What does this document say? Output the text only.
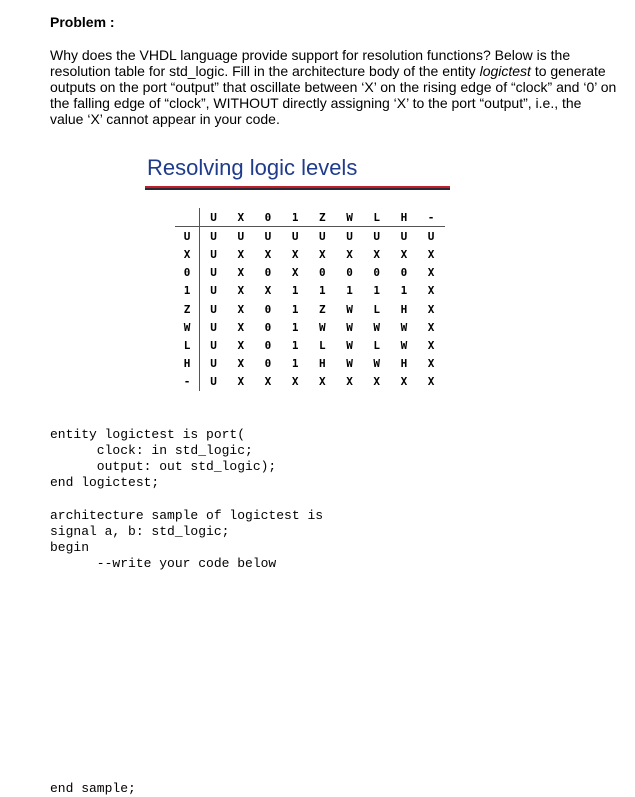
Problem :
Why does the VHDL language provide support for resolution functions? Below is the resolution table for std_logic. Fill in the architecture body of the entity logictest to generate outputs on the port “output” that oscillate between ‘X’ on the rising edge of “clock” and ‘0’ on the falling edge of “clock”, WITHOUT directly assigning ‘X’ to the port “output”, i.e., the value ‘X’ cannot appear in your code.
Resolving logic levels
	U	X	0	1	Z	W	L	H	-
U	U	U	U	U	U	U	U	U	U
X	U	X	X	X	X	X	X	X	X
0	U	X	0	X	0	0	0	0	X
1	U	X	X	1	1	1	1	1	X
Z	U	X	0	1	Z	W	L	H	X
W	U	X	0	1	W	W	W	W	X
L	U	X	0	1	L	W	L	W	X
H	U	X	0	1	H	W	W	H	X
-	U	X	X	X	X	X	X	X	X
entity logictest is port(
clock: in std_logic;
output: out std_logic);
end logictest;
architecture sample of logictest is
signal a, b: std_logic;
begin
--write your code below
end sample;
